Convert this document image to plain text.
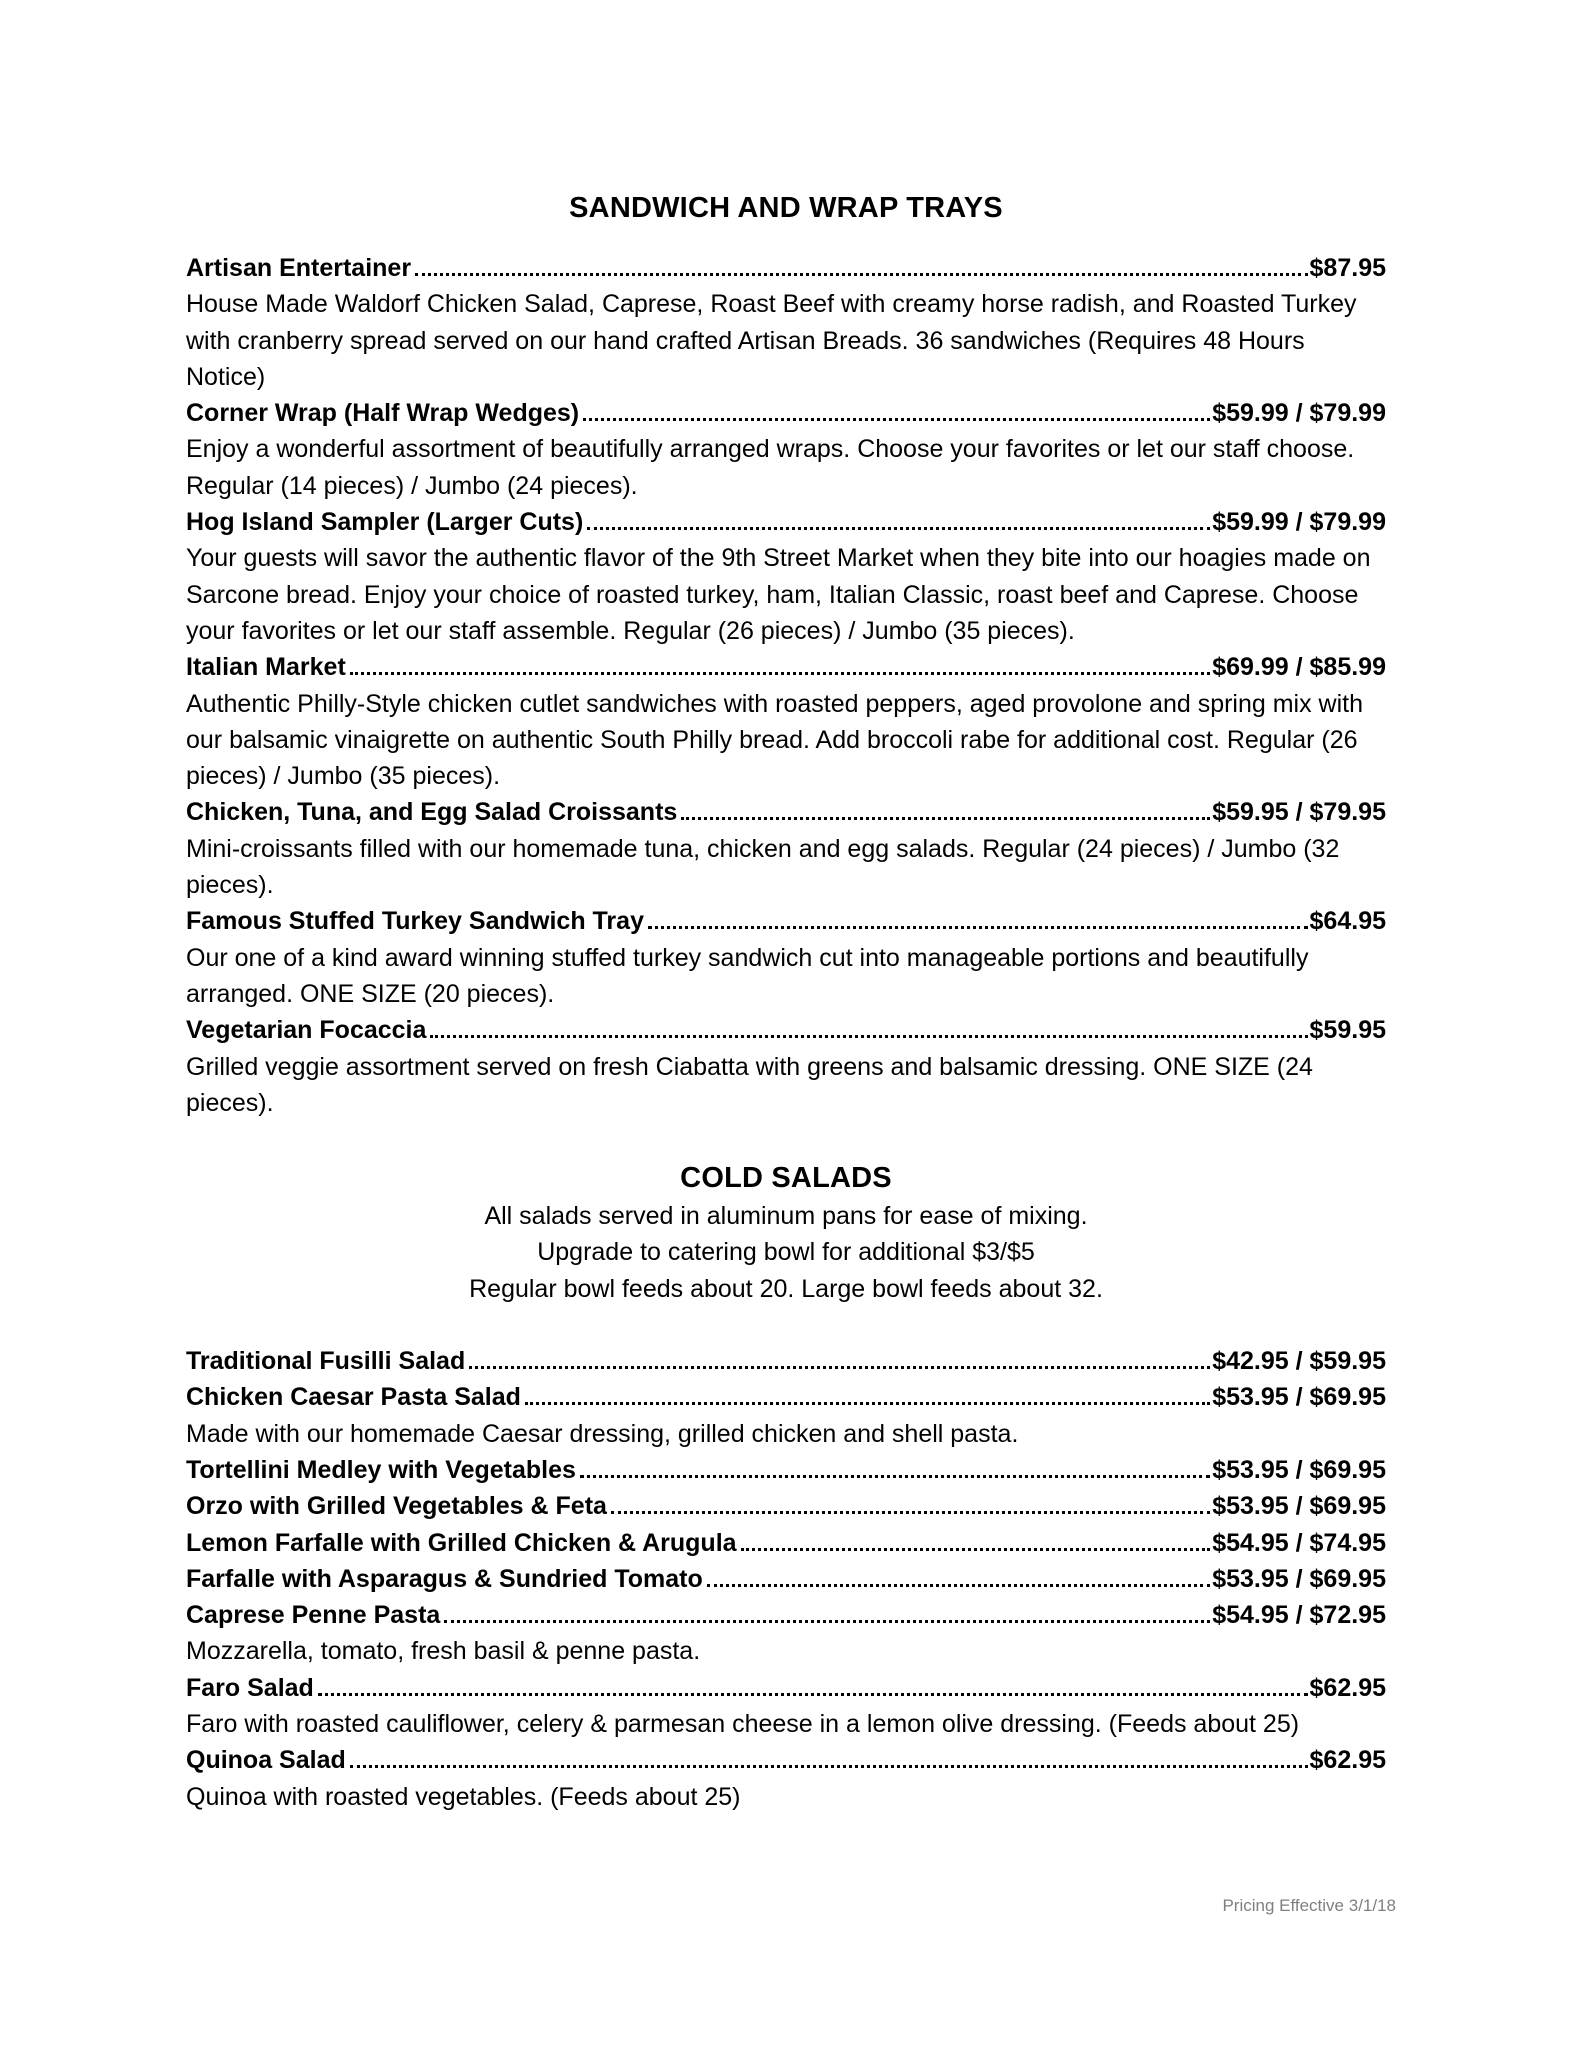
SANDWICH AND WRAP TRAYS
Artisan Entertainer	$87.95
House Made Waldorf Chicken Salad, Caprese, Roast Beef with creamy horse radish, and Roasted Turkey with cranberry spread served on our hand crafted Artisan Breads. 36 sandwiches (Requires 48 Hours Notice)
Corner Wrap (Half Wrap Wedges)	$59.99 / $79.99
Enjoy a wonderful assortment of beautifully arranged wraps. Choose your favorites or let our staff choose. Regular (14 pieces) / Jumbo (24 pieces).
Hog Island Sampler (Larger Cuts)	$59.99 / $79.99
Your guests will savor the authentic flavor of the 9th Street Market when they bite into our hoagies made on Sarcone bread. Enjoy your choice of roasted turkey, ham, Italian Classic, roast beef and Caprese. Choose your favorites or let our staff assemble. Regular (26 pieces) / Jumbo (35 pieces).
Italian Market	$69.99 / $85.99
Authentic Philly-Style chicken cutlet sandwiches with roasted peppers, aged provolone and spring mix with our balsamic vinaigrette on authentic South Philly bread. Add broccoli rabe for additional cost. Regular (26 pieces) / Jumbo (35 pieces).
Chicken, Tuna, and Egg Salad Croissants	$59.95 / $79.95
Mini-croissants filled with our homemade tuna, chicken and egg salads. Regular (24 pieces) / Jumbo (32 pieces).
Famous Stuffed Turkey Sandwich Tray	$64.95
Our one of a kind award winning stuffed turkey sandwich cut into manageable portions and beautifully arranged. ONE SIZE (20 pieces).
Vegetarian Focaccia	$59.95
Grilled veggie assortment served on fresh Ciabatta with greens and balsamic dressing. ONE SIZE (24 pieces).
COLD SALADS
All salads served in aluminum pans for ease of mixing.
Upgrade to catering bowl for additional $3/$5
Regular bowl feeds about 20. Large bowl feeds about 32.
Traditional Fusilli Salad	$42.95 / $59.95
Chicken Caesar Pasta Salad	$53.95 / $69.95
Made with our homemade Caesar dressing, grilled chicken and shell pasta.
Tortellini Medley with Vegetables	$53.95 / $69.95
Orzo with Grilled Vegetables & Feta	$53.95 / $69.95
Lemon Farfalle with Grilled Chicken & Arugula	$54.95 / $74.95
Farfalle with Asparagus & Sundried Tomato	$53.95 / $69.95
Caprese Penne Pasta	$54.95 / $72.95
Mozzarella, tomato, fresh basil & penne pasta.
Faro Salad	$62.95
Faro with roasted cauliflower, celery & parmesan cheese in a lemon olive dressing. (Feeds about 25)
Quinoa Salad	$62.95
Quinoa with roasted vegetables. (Feeds about 25)
Pricing Effective 3/1/18
